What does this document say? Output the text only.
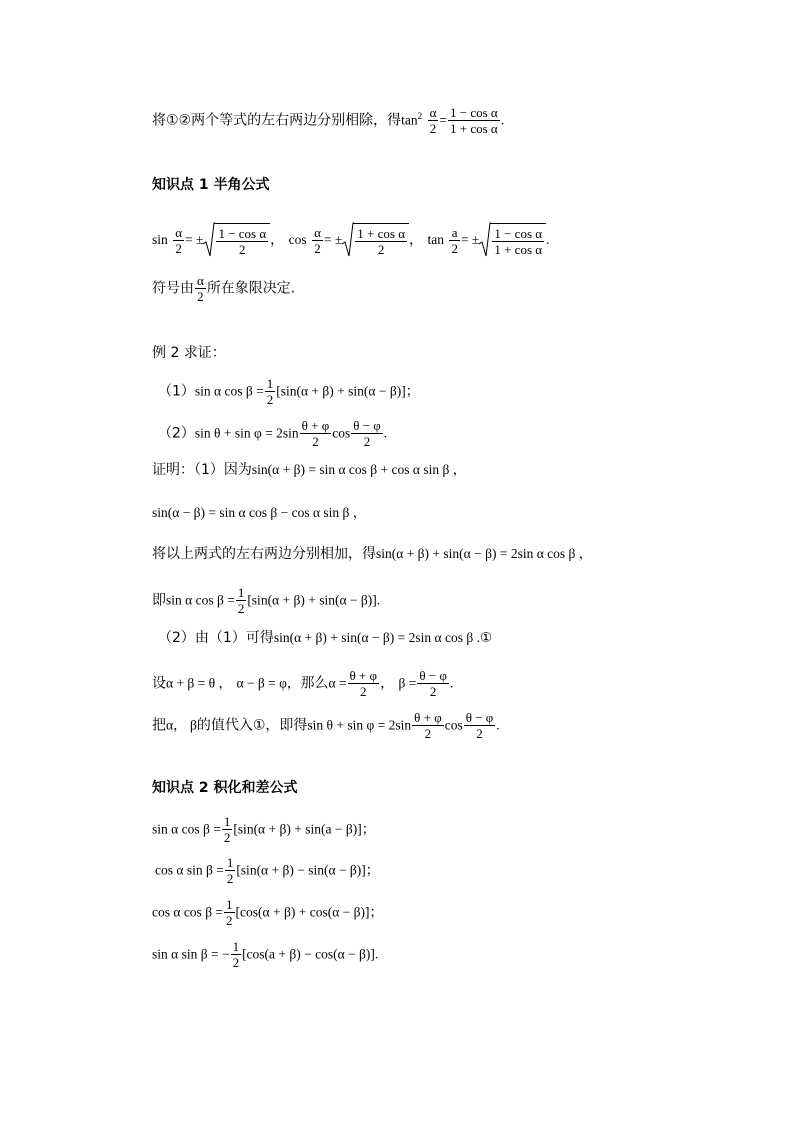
将①②两个等式的左右两边分别相除，得$\tan^2 \frac{\alpha}{2} = \frac{\text{1 − cos α}}{\text{1 + cos α}}$ .
知识点 1 半角公式
$\sin \frac{\alpha}{2}$ = ± $\frac{\text{1 − cos α}}{2}$ ， $\cos \frac{\alpha}{2}$ = ± $\frac{\text{1 + cos α}}{2}$ ， $\tan \frac{a}{2}$ = ± $\frac{\text{1 − cos α}}{\text{1 + cos α}}$ .
符号由 $\frac{\alpha}{2}$ 所在象限决定.
例 2 求证：
（1）sin α $\cos \beta = \frac{1}{2} [\sin(\alpha + \beta) + \sin(\alpha - \beta)]$；
（2）sin $\theta + \sin \varphi = 2\sin \frac{\theta + \varphi}{2}$ $\cos \frac{\theta - \varphi}{2}$ .
证明：（1）因为sin(α + β) = sin α cos β + cos α sin β ，
sin(α − β) = sin α cos β − cos α sin β ，
将以上两式的左右两边分别相加，得sin(α + β) + sin(α − β) = 2sin α cos β ，
即sin α $\cos \beta = \frac{1}{2} [\sin(\alpha + \beta) + \sin(\alpha - \beta)]$.
（2）由（1）可得sin(α + β) + sin(α − β) = 2sin α cos β .①
设α + β = θ ， α − β = φ，那么$\alpha = \frac{\theta + \varphi}{2}$ ， $\beta = \frac{\theta - \varphi}{2}$ .
把α， β的值代入①，即得$\sin \theta + \sin \varphi = 2\sin \frac{\theta + \varphi}{2}$ $\cos \frac{\theta - \varphi}{2}$ .
知识点 2 积化和差公式
sin α $\cos \beta = \frac{1}{2} [\sin(\alpha + \beta) + \sin(a - \beta)]$；
cos α $\sin \beta = \frac{1}{2} [\sin(\alpha + \beta) - \sin(\alpha - \beta)]$；
cos α $\cos \beta = \frac{1}{2} [\cos(\alpha + \beta) + \cos(\alpha - \beta)]$；
sin α sin β = − $\frac{1}{2} [\cos(a + \beta) - \cos(\alpha - \beta)]$.
